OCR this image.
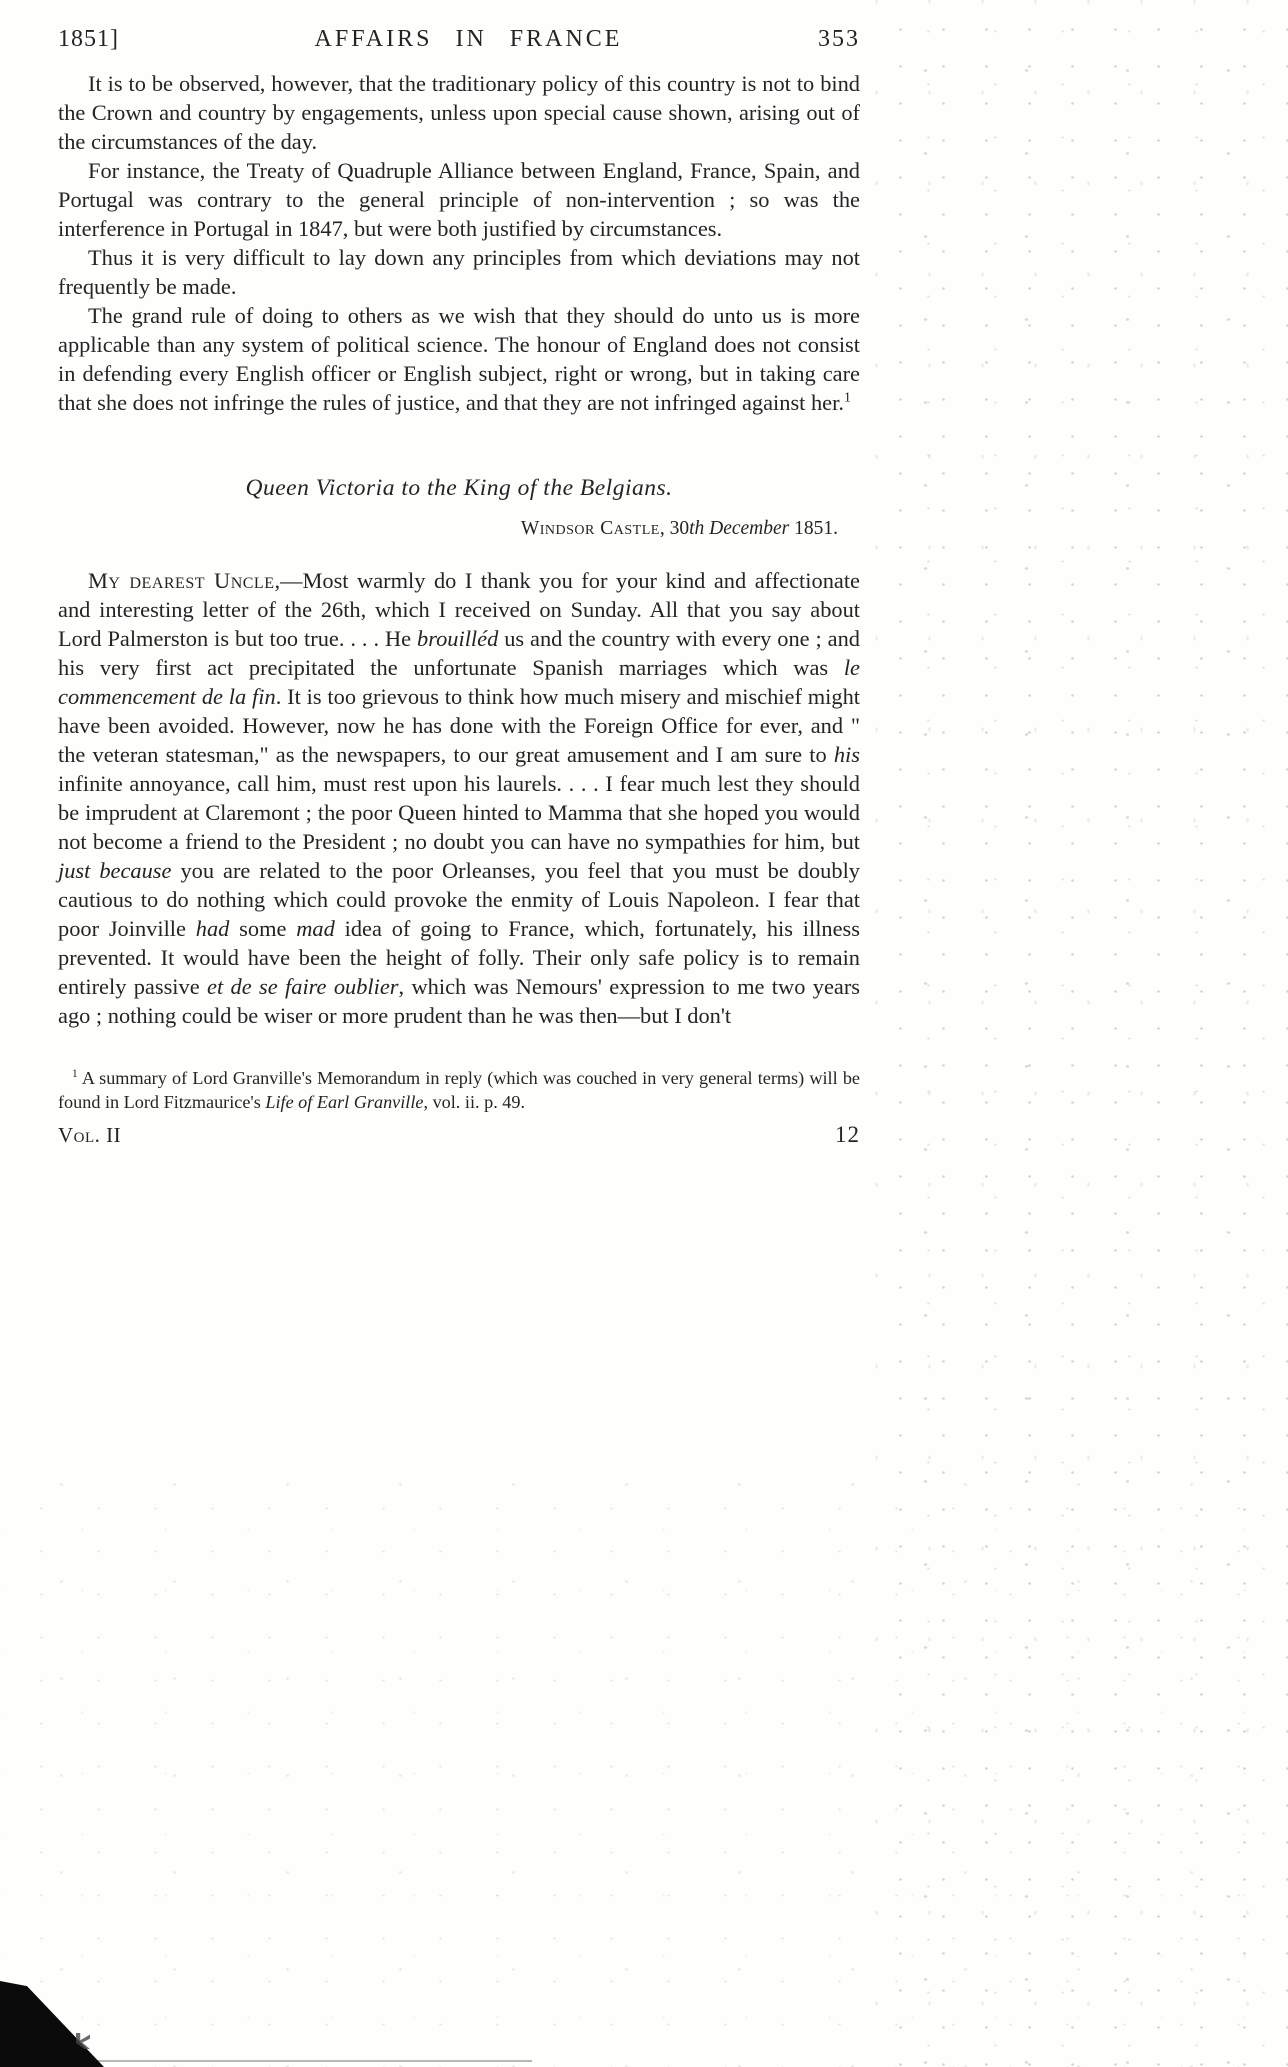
1851]	AFFAIRS IN FRANCE	353

It is to be observed, however, that the traditionary policy of this country is not to bind the Crown and country by engagements, unless upon special cause shown, arising out of the circumstances of the day.

For instance, the Treaty of Quadruple Alliance between England, France, Spain, and Portugal was contrary to the general principle of non-intervention ; so was the interference in Portugal in 1847, but were both justified by circumstances.

Thus it is very difficult to lay down any principles from which deviations may not frequently be made.

The grand rule of doing to others as we wish that they should do unto us is more applicable than any system of political science. The honour of England does not consist in defending every English officer or English subject, right or wrong, but in taking care that she does not infringe the rules of justice, and that they are not infringed against her.$^1$

Queen Victoria to the King of the Belgians.
Windsor Castle, 30th December 1851.

My dearest Uncle,—Most warmly do I thank you for your kind and affectionate and interesting letter of the 26th, which I received on Sunday. All that you say about Lord Palmerston is but too true. . . . He brouilléd us and the country with every one ; and his very first act precipitated the unfortunate Spanish marriages which was le commencement de la fin. It is too grievous to think how much misery and mischief might have been avoided. However, now he has done with the Foreign Office for ever, and " the veteran statesman," as the newspapers, to our great amusement and I am sure to his infinite annoyance, call him, must rest upon his laurels. . . . I fear much lest they should be imprudent at Claremont ; the poor Queen hinted to Mamma that she hoped you would not become a friend to the President ; no doubt you can have no sympathies for him, but just because you are related to the poor Orleanses, you feel that you must be doubly cautious to do nothing which could provoke the enmity of Louis Napoleon. I fear that poor Joinville had some mad idea of going to France, which, fortunately, his illness prevented. It would have been the height of folly. Their only safe policy is to remain entirely passive et de se faire oublier, which was Nemours' expression to me two years ago ; nothing could be wiser or more prudent than he was then—but I don't

$^1$ A summary of Lord Granville's Memorandum in reply (which was couched in very general terms) will be found in Lord Fitzmaurice's Life of Earl Granville, vol. ii. p. 49.
Vol. II	12
